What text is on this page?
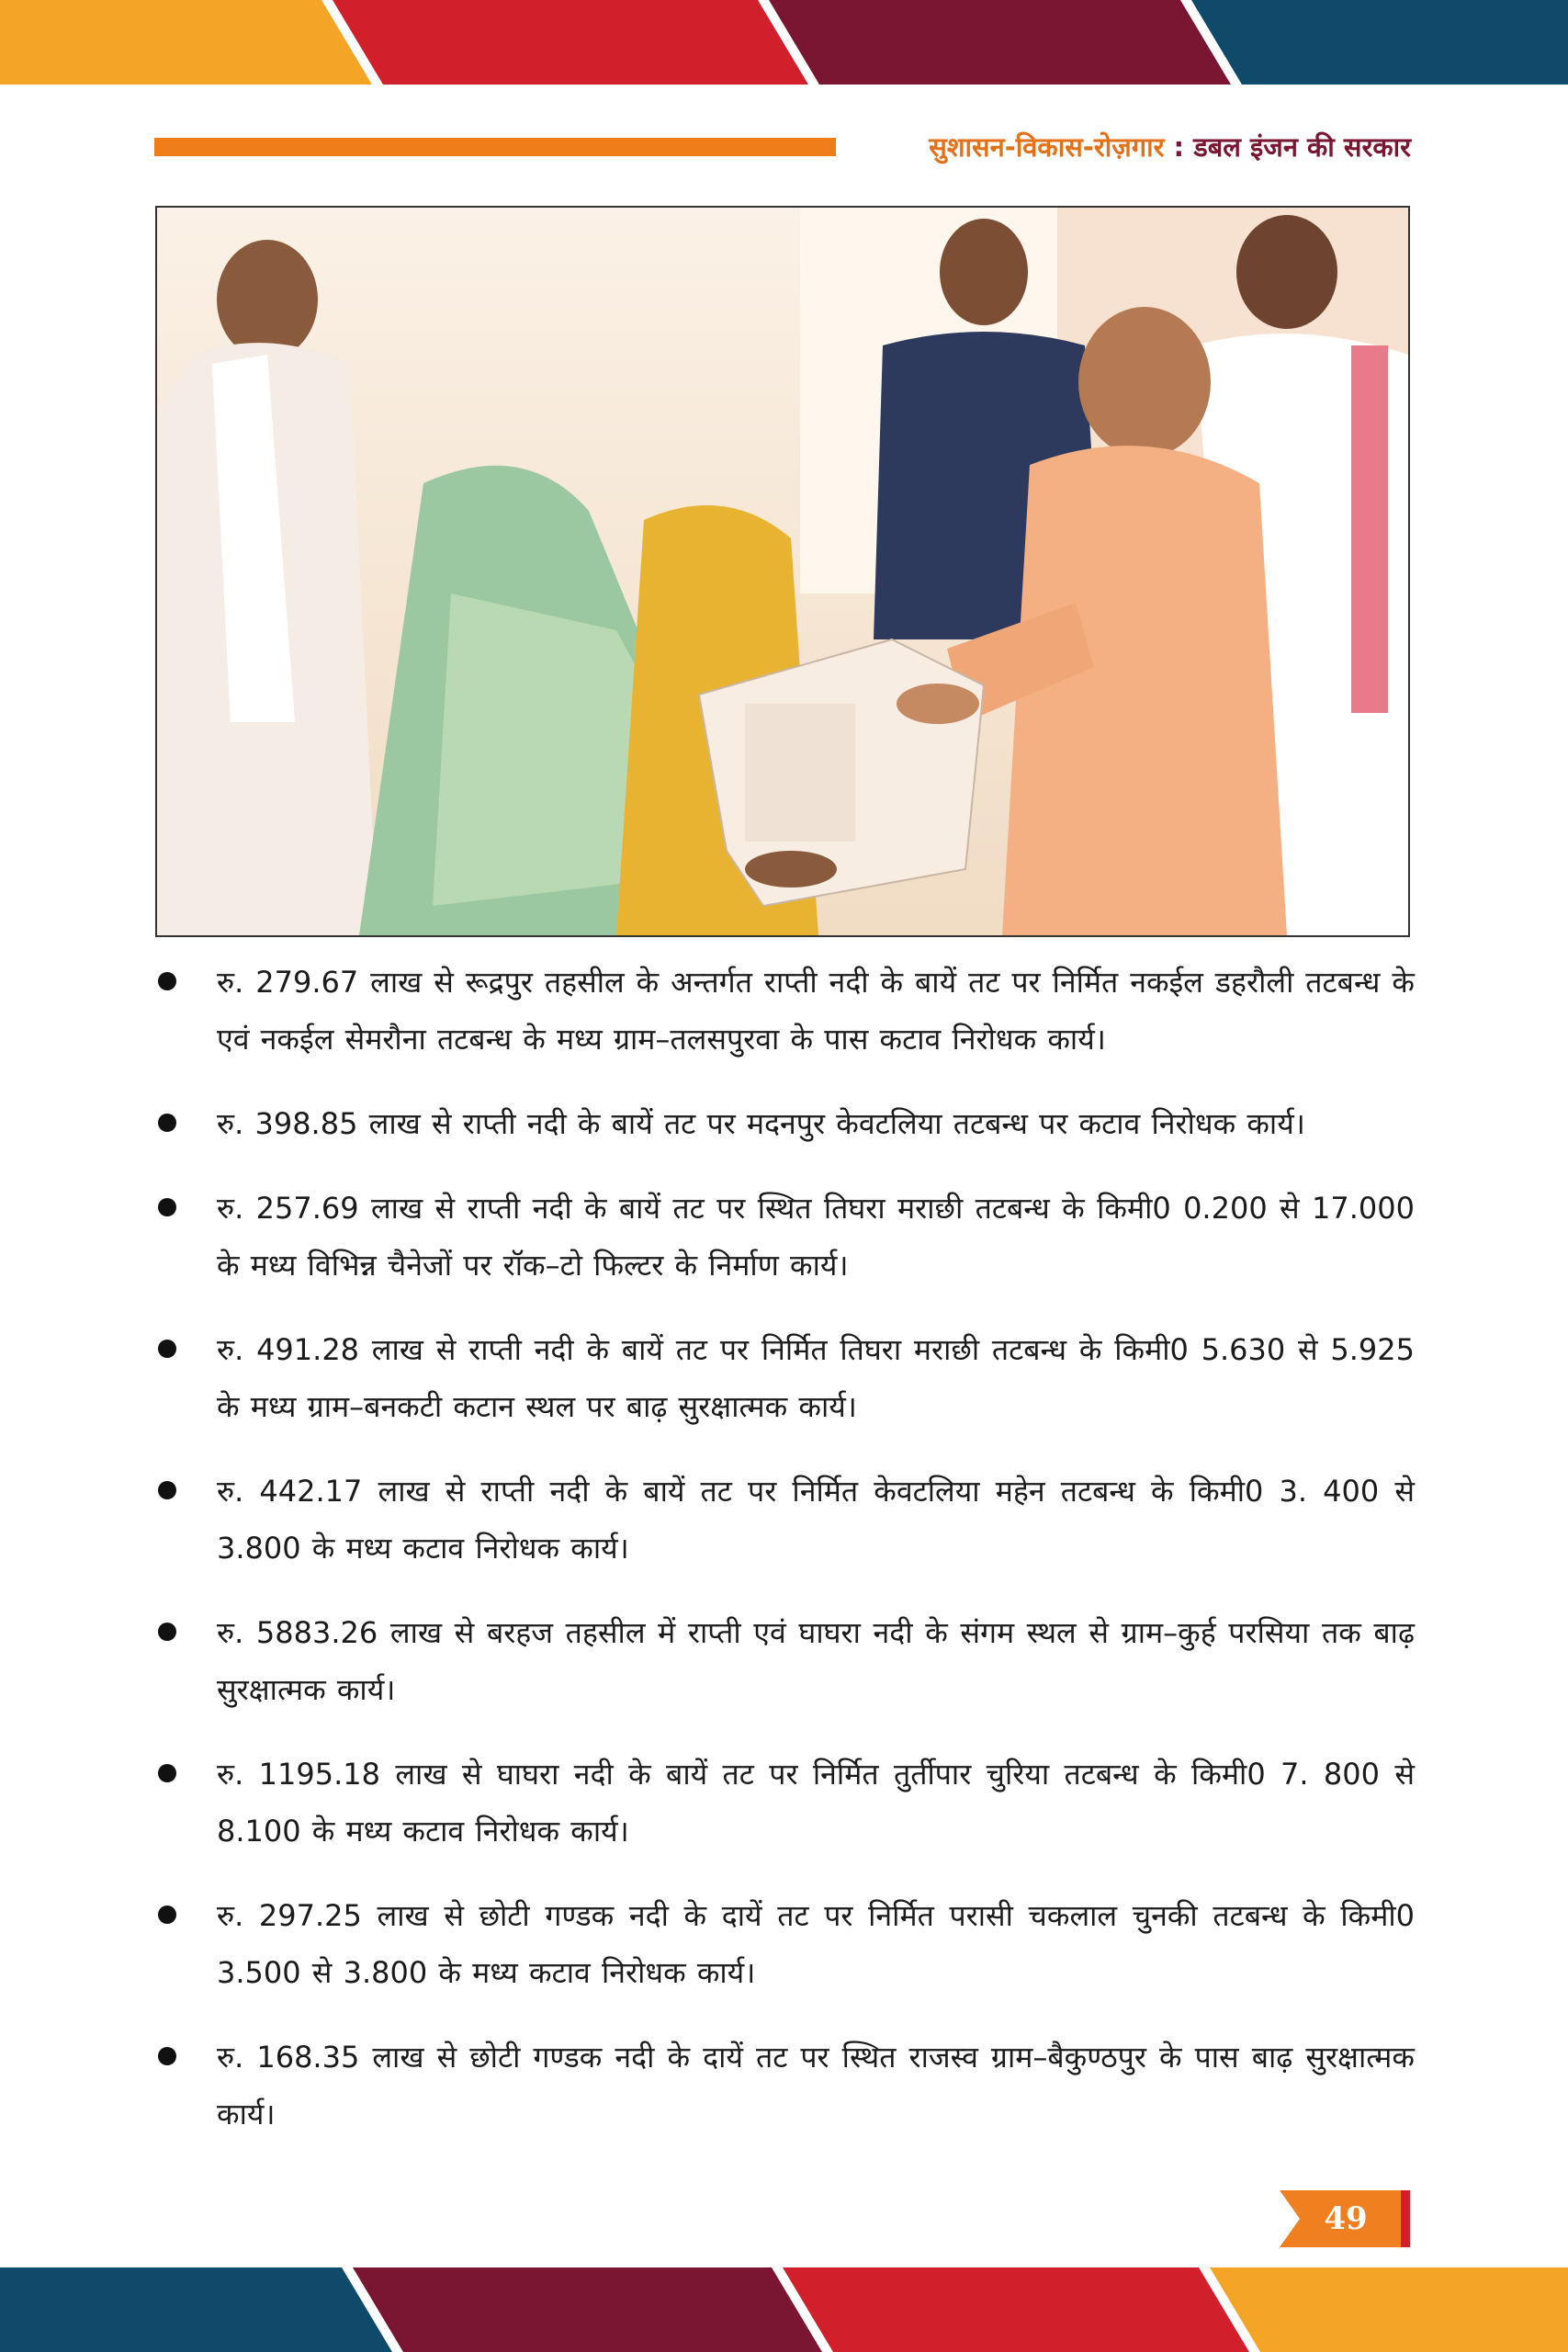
सुशासन-विकास-रोज़गार : डबल इंजन की सरकार
रु. 279.67 लाख से रूद्रपुर तहसील के अन्तर्गत राप्ती नदी के बायें तट पर निर्मित नकईल डहरौली तटबन्ध के एवं नकईल सेमरौना तटबन्ध के मध्य ग्राम–तलसपुरवा के पास कटाव निरोधक कार्य।
रु. 398.85 लाख से राप्ती नदी के बायें तट पर मदनपुर केवटलिया तटबन्ध पर कटाव निरोधक कार्य।
रु. 257.69 लाख से राप्ती नदी के बायें तट पर स्थित तिघरा मराछी तटबन्ध के किमी0 0.200 से 17.000 के मध्य विभिन्न चैनेजों पर रॉक–टो फिल्टर के निर्माण कार्य।
रु. 491.28 लाख से राप्ती नदी के बायें तट पर निर्मित तिघरा मराछी तटबन्ध के किमी0 5.630 से 5.925 के मध्य ग्राम–बनकटी कटान स्थल पर बाढ़ सुरक्षात्मक कार्य।
रु. 442.17 लाख से राप्ती नदी के बायें तट पर निर्मित केवटलिया महेन तटबन्ध के किमी0 3. 400 से 3.800 के मध्य कटाव निरोधक कार्य।
रु. 5883.26 लाख से बरहज तहसील में राप्ती एवं घाघरा नदी के संगम स्थल से ग्राम–कुर्ह परसिया तक बाढ़ सुरक्षात्मक कार्य।
रु. 1195.18 लाख से घाघरा नदी के बायें तट पर निर्मित तुर्तीपार चुरिया तटबन्ध के किमी0 7. 800 से 8.100 के मध्य कटाव निरोधक कार्य।
रु. 297.25 लाख से छोटी गण्डक नदी के दायें तट पर निर्मित परासी चकलाल चुनकी तटबन्ध के किमी0 3.500 से 3.800 के मध्य कटाव निरोधक कार्य।
रु. 168.35 लाख से छोटी गण्डक नदी के दायें तट पर स्थित राजस्व ग्राम–बैकुण्ठपुर के पास बाढ़ सुरक्षात्मक कार्य।
49
